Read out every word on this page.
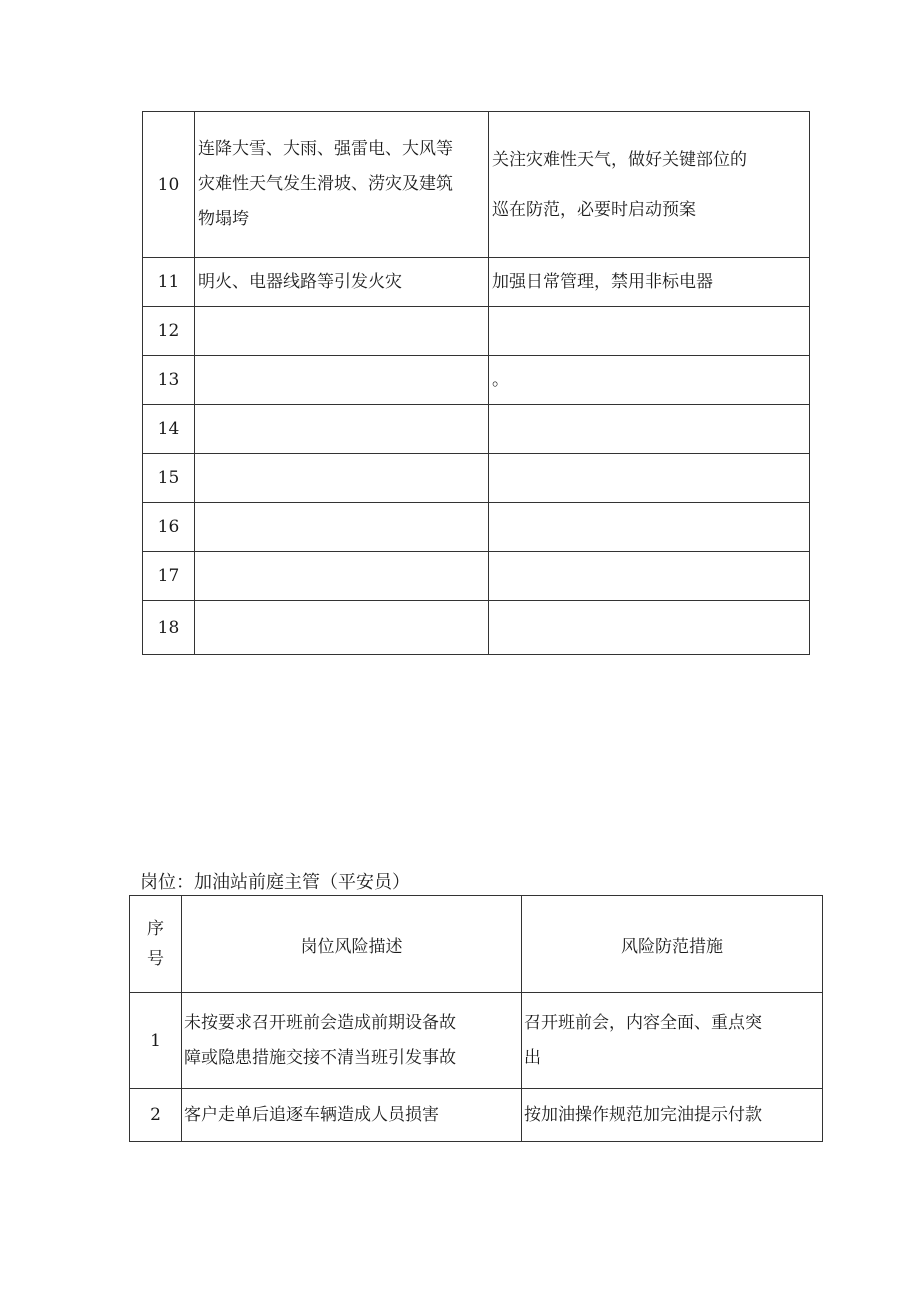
10	连降大雪、大雨、强雷电、大风等
灾难性天气发生滑坡、涝灾及建筑
物塌垮	关注灾难性天气，做好关键部位的
巡在防范，必要时启动预案

11	明火、电器线路等引发火灾	加强日常管理，禁用非标电器

12		
13		。

14		
15		
16		
17		
18		
岗位：加油站前庭主管（平安员）
序
号	岗位风险描述	风险防范措施
1	未按要求召开班前会造成前期设备故
障或隐患措施交接不清当班引发事故	召开班前会，内容全面、重点突
出

2	客户走单后追逐车辆造成人员损害	按加油操作规范加完油提示付款
